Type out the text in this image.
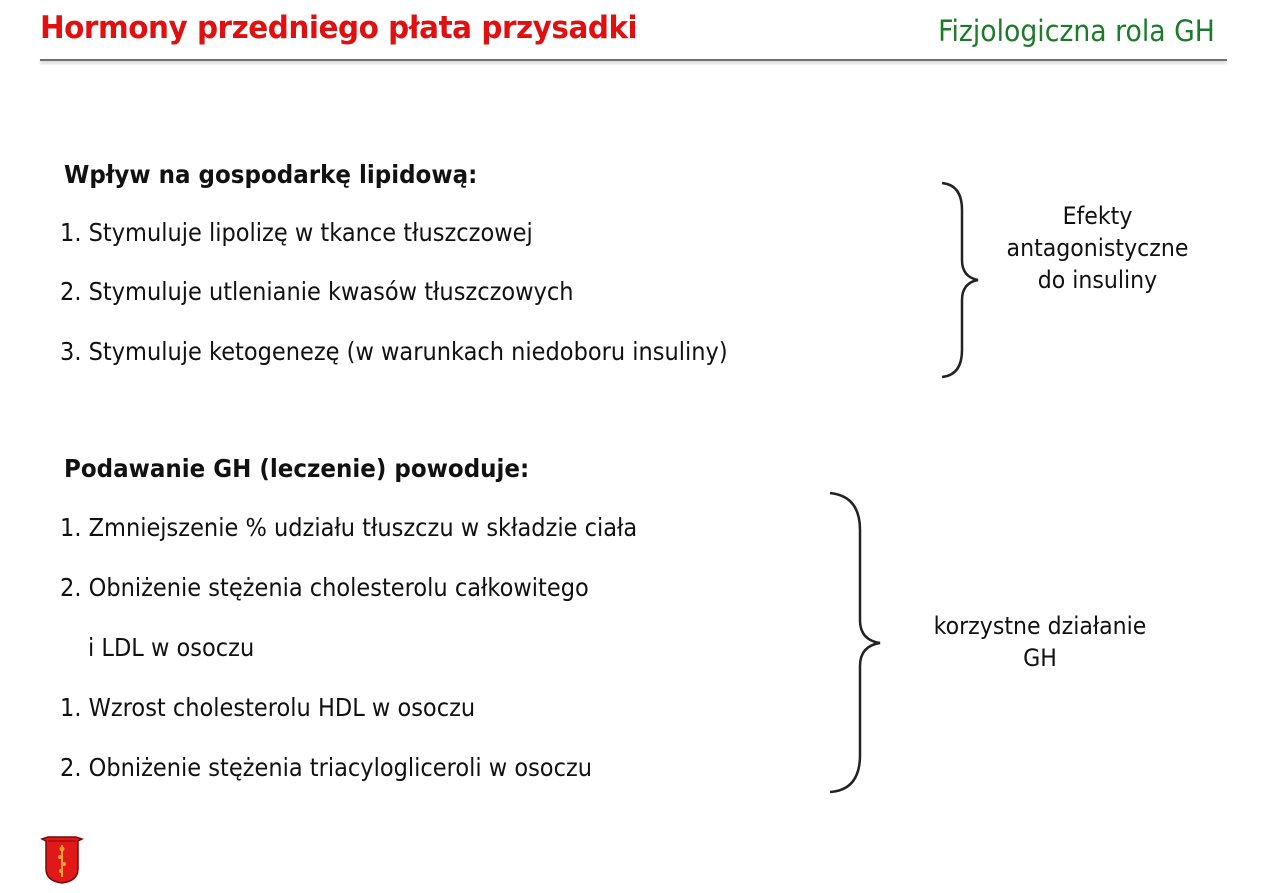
Hormony przedniego płata przysadki	Fizjologiczna rola GH
Wpływ na gospodarkę lipidową:
1. Stymuluje lipolizę w tkance tłuszczowej
2. Stymuluje utlenianie kwasów tłuszczowych
3. Stymuluje ketogenezę (w warunkach niedoboru insuliny)
Efekty
antagonistyczne
do insuliny
Podawanie GH (leczenie) powoduje:
1. Zmniejszenie % udziału tłuszczu w składzie ciała
2. Obniżenie stężenia cholesterolu całkowitego
i LDL w osoczu
1. Wzrost cholesterolu HDL w osoczu
2. Obniżenie stężenia triacylogliceroli w osoczu
korzystne działanie
GH
